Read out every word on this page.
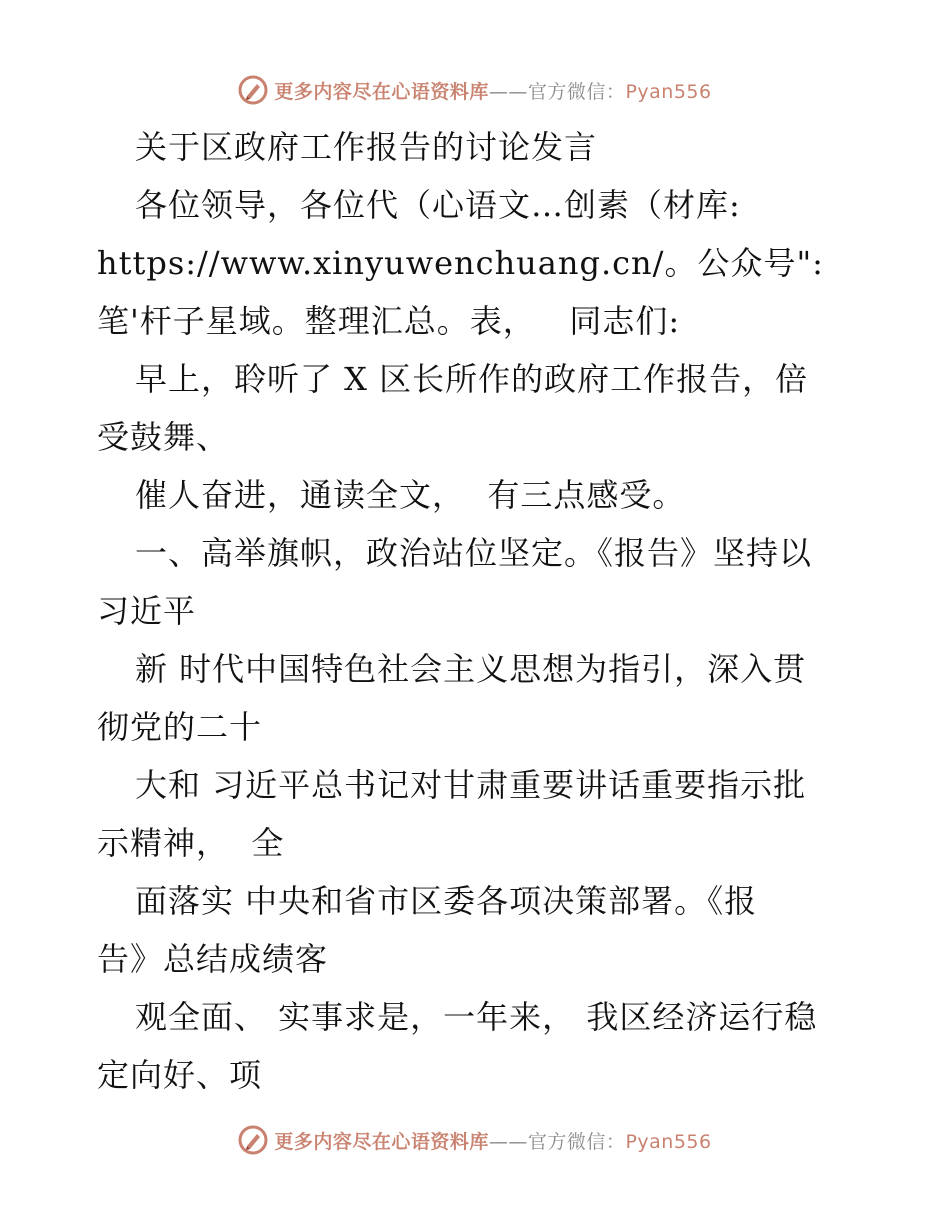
更多内容尽在心语资料库——官方微信：Pyan556
关于区政府工作报告的讨论发言
各位领导，各位代（心语文…创素（材库:
https://www.xinyuwenchuang.cn/。公众号":
笔'杆子星域。整理汇总。表，   同志们:
早上，聆听了 X 区长所作的政府工作报告，倍
受鼓舞、
催人奋进，通读全文，  有三点感受。
一、高举旗帜，政治站位坚定。《报告》坚持以
习近平
新 时代中国特色社会主义思想为指引，深入贯
彻党的二十
大和 习近平总书记对甘肃重要讲话重要指示批
示精神，  全
面落实 中央和省市区委各项决策部署。《报
告》总结成绩客
观全面、 实事求是，一年来， 我区经济运行稳
定向好、项
更多内容尽在心语资料库——官方微信：Pyan556
